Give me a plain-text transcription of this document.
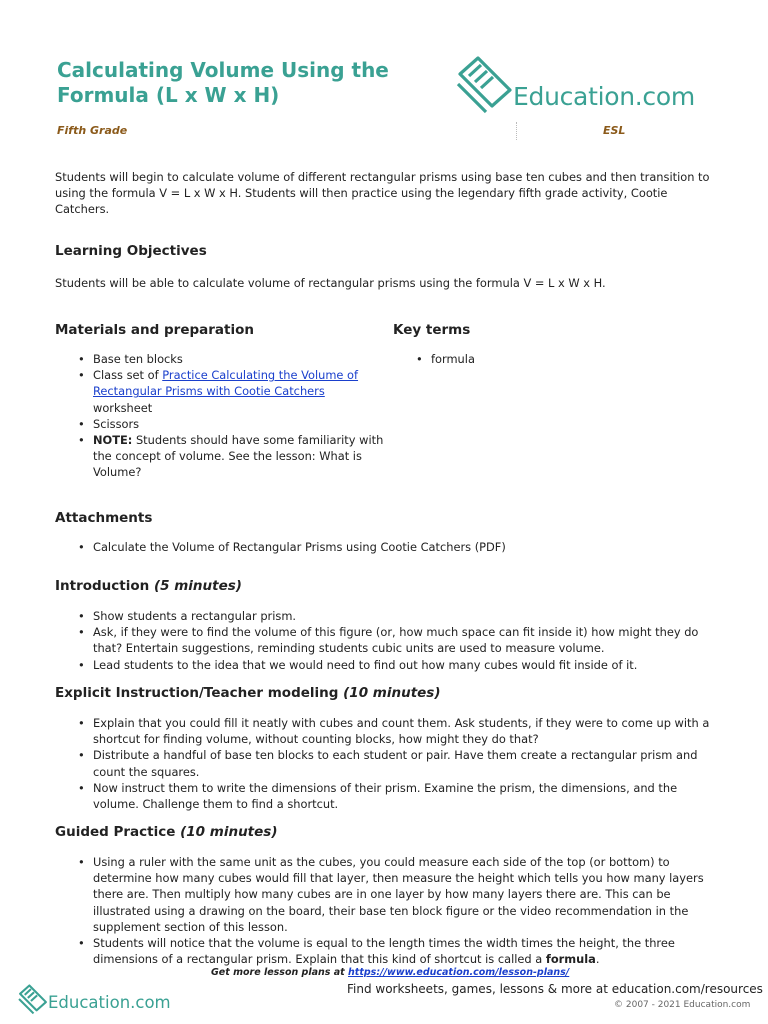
Calculating Volume Using the Formula (L x W x H)	Education.com
Fifth Grade	ESL

Students will begin to calculate volume of different rectangular prisms using base ten cubes and then transition to using the formula V = L x W x H. Students will then practice using the legendary fifth grade activity, Cootie Catchers.

Learning Objectives

Students will be able to calculate volume of rectangular prisms using the formula V = L x W x H.

Materials and preparation
• Base ten blocks
• Class set of Practice Calculating the Volume of Rectangular Prisms with Cootie Catchers worksheet
• Scissors
• NOTE: Students should have some familiarity with the concept of volume. See the lesson: What is Volume?
Key terms
• formula
Attachments
• Calculate the Volume of Rectangular Prisms using Cootie Catchers (PDF)
Introduction (5 minutes)
• Show students a rectangular prism.
• Ask, if they were to find the volume of this figure (or, how much space can fit inside it) how might they do that? Entertain suggestions, reminding students cubic units are used to measure volume.
• Lead students to the idea that we would need to find out how many cubes would fit inside of it.
Explicit Instruction/Teacher modeling (10 minutes)
• Explain that you could fill it neatly with cubes and count them. Ask students, if they were to come up with a shortcut for finding volume, without counting blocks, how might they do that?
• Distribute a handful of base ten blocks to each student or pair. Have them create a rectangular prism and count the squares.
• Now instruct them to write the dimensions of their prism. Examine the prism, the dimensions, and the volume. Challenge them to find a shortcut.
Guided Practice (10 minutes)
• Using a ruler with the same unit as the cubes, you could measure each side of the top (or bottom) to determine how many cubes would fill that layer, then measure the height which tells you how many layers there are. Then multiply how many cubes are in one layer by how many layers there are. This can be illustrated using a drawing on the board, their base ten block figure or the video recommendation in the supplement section of this lesson.
• Students will notice that the volume is equal to the length times the width times the height, the three dimensions of a rectangular prism. Explain that this kind of shortcut is called a formula.
Get more lesson plans at https://www.education.com/lesson-plans/
Education.com
Find worksheets, games, lessons & more at education.com/resources
© 2007 - 2021 Education.com
